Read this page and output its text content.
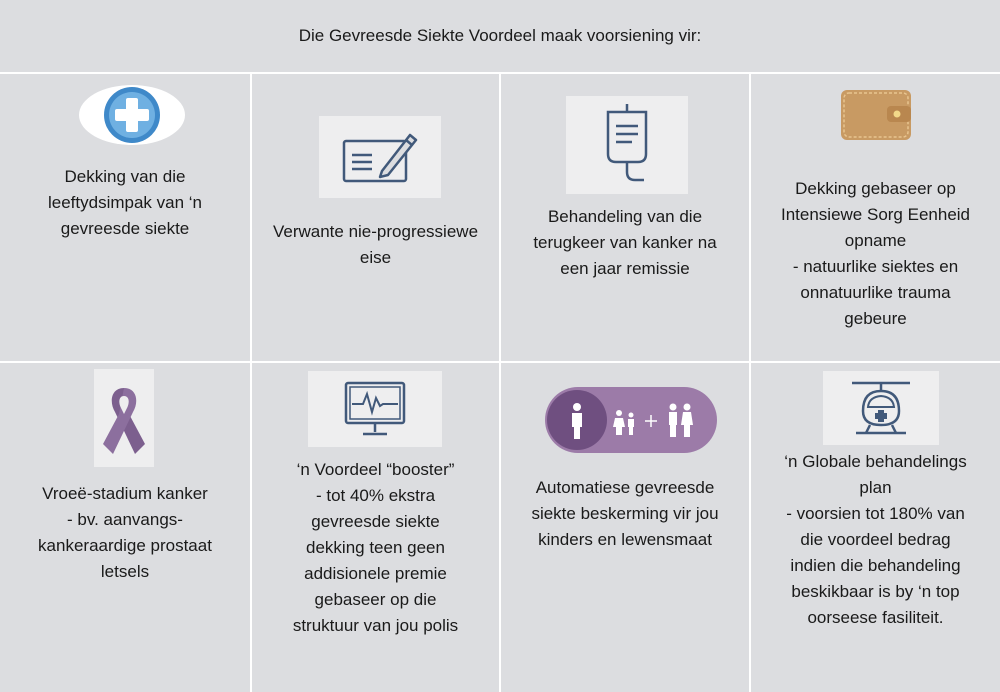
Die Gevreesde Siekte Voordeel maak voorsiening vir:
Dekking van die
leeftydsimpak van ‘n
gevreesde siekte	Verwante nie-progressiewe
eise
Behandeling van die
terugkeer van kanker na
een jaar remissie
Dekking gebaseer op
Intensiewe Sorg Eenheid
opname
- natuurlike siektes en
onnatuurlike trauma
gebeure
Vroeë-stadium kanker
- bv. aanvangs-
kankeraardige prostaat
letsels
‘n Voordeel “booster”
- tot 40% ekstra
gevreesde siekte
dekking teen geen
addisionele premie
gebaseer op die
struktuur van jou polis
Automatiese gevreesde
siekte beskerming vir jou
kinders en lewensmaat
‘n Globale behandelings
plan
- voorsien tot 180% van
die voordeel bedrag
indien die behandeling
beskikbaar is by ‘n top
oorseese fasiliteit.
